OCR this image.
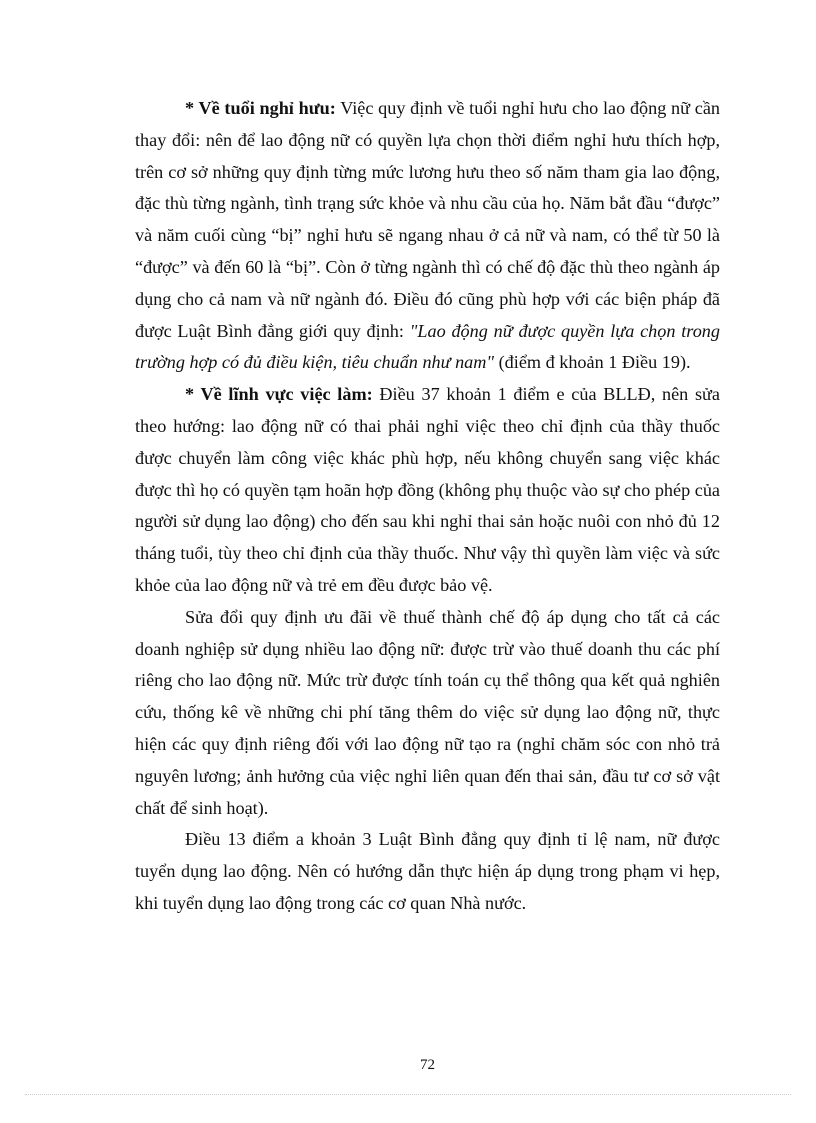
* Về tuổi nghỉ hưu: Việc quy định về tuổi nghỉ hưu cho lao động nữ cần thay đổi: nên để lao động nữ có quyền lựa chọn thời điểm nghỉ hưu thích hợp, trên cơ sở những quy định từng mức lương hưu theo số năm tham gia lao động, đặc thù từng ngành, tình trạng sức khỏe và nhu cầu của họ. Năm bắt đầu “được” và năm cuối cùng “bị” nghỉ hưu sẽ ngang nhau ở cả nữ và nam, có thể từ 50 là “được” và đến 60 là “bị”. Còn ở từng ngành thì có chế độ đặc thù theo ngành áp dụng cho cả nam và nữ ngành đó. Điều đó cũng phù hợp với các biện pháp đã được Luật Bình đẳng giới quy định: "Lao động nữ được quyền lựa chọn trong trường hợp có đủ điều kiện, tiêu chuẩn như nam" (điểm đ khoản 1 Điều 19).

* Về lĩnh vực việc làm: Điều 37 khoản 1 điểm e của BLLĐ, nên sửa theo hướng: lao động nữ có thai phải nghỉ việc theo chỉ định của thầy thuốc được chuyển làm công việc khác phù hợp, nếu không chuyển sang việc khác được thì họ có quyền tạm hoãn hợp đồng (không phụ thuộc vào sự cho phép của người sử dụng lao động) cho đến sau khi nghỉ thai sản hoặc nuôi con nhỏ đủ 12 tháng tuổi, tùy theo chỉ định của thầy thuốc. Như vậy thì quyền làm việc và sức khỏe của lao động nữ và trẻ em đều được bảo vệ.

Sửa đổi quy định ưu đãi về thuế thành chế độ áp dụng cho tất cả các doanh nghiệp sử dụng nhiều lao động nữ: được trừ vào thuế doanh thu các phí riêng cho lao động nữ. Mức trừ được tính toán cụ thể thông qua kết quả nghiên cứu, thống kê về những chi phí tăng thêm do việc sử dụng lao động nữ, thực hiện các quy định riêng đối với lao động nữ tạo ra (nghỉ chăm sóc con nhỏ trả nguyên lương; ảnh hưởng của việc nghỉ liên quan đến thai sản, đầu tư cơ sở vật chất để sinh hoạt).

Điều 13 điểm a khoản 3 Luật Bình đẳng quy định tỉ lệ nam, nữ được tuyển dụng lao động. Nên có hướng dẫn thực hiện áp dụng trong phạm vi hẹp, khi tuyển dụng lao động trong các cơ quan Nhà nước.

72
